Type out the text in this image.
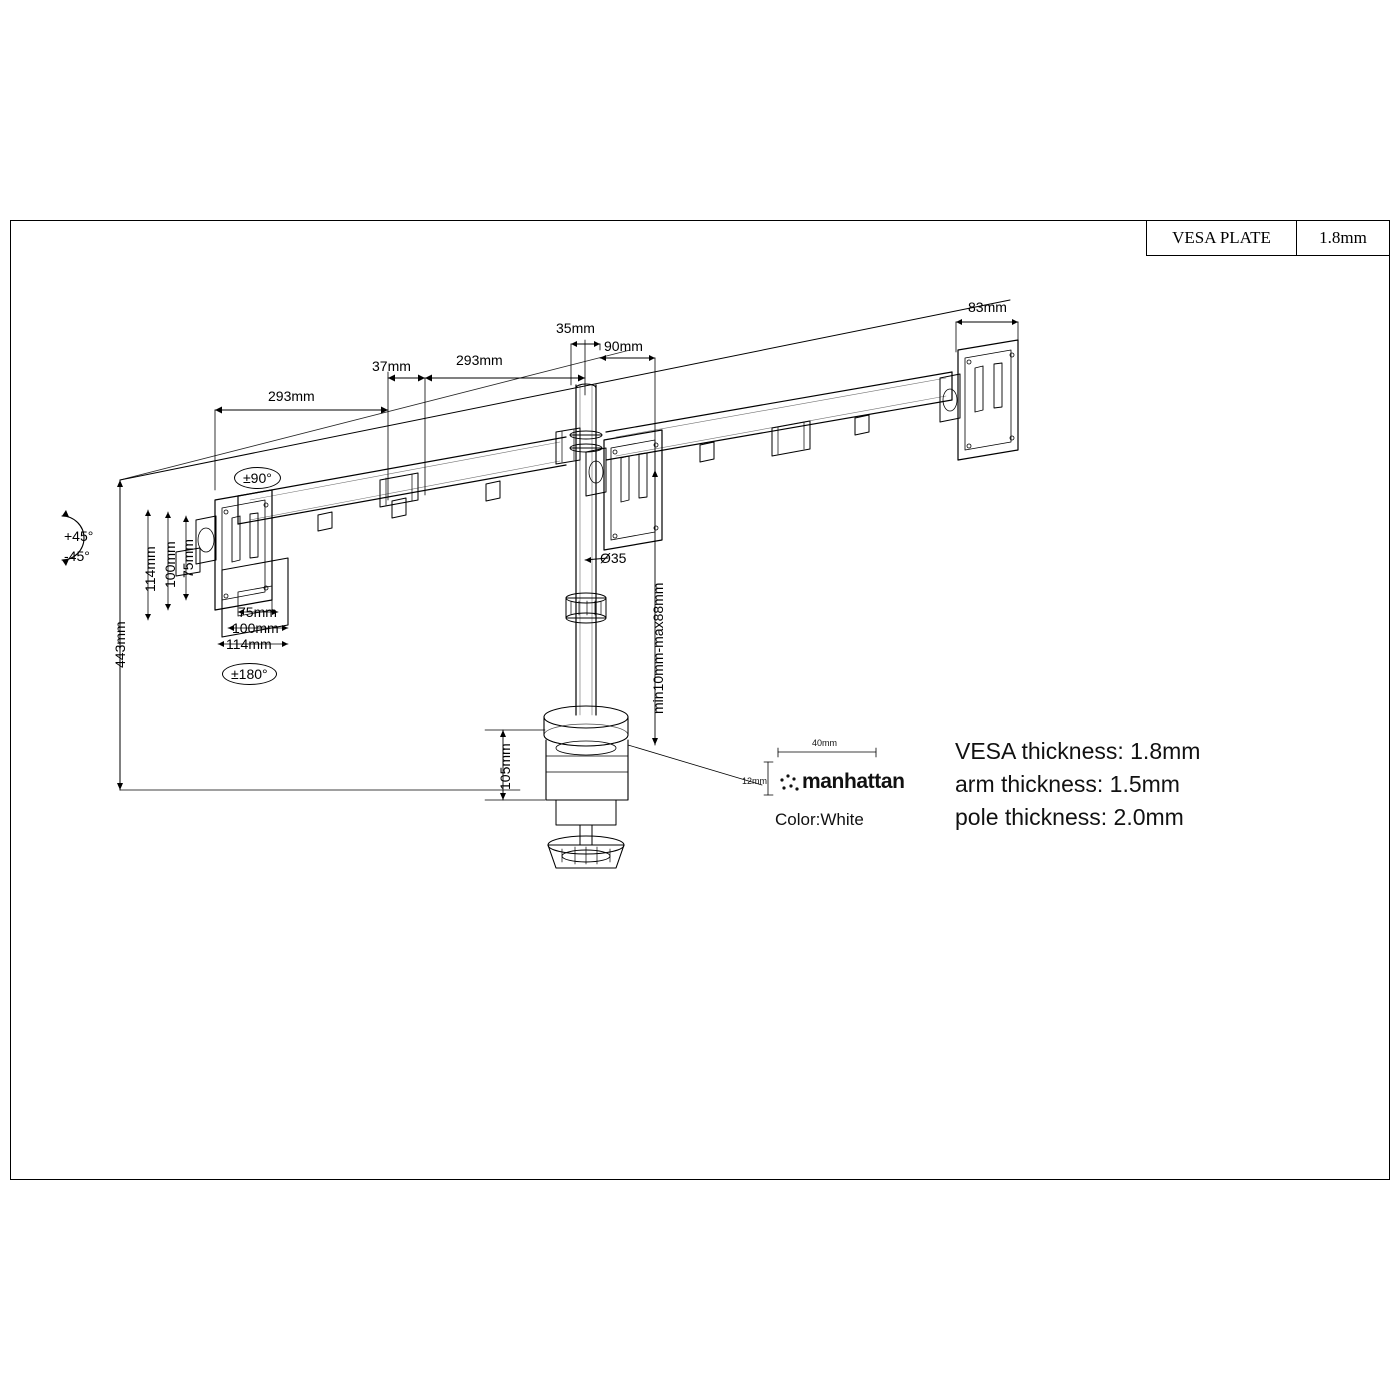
VESA PLATE	1.8mm
293mm
37mm	293mm
35mm
90mm
83mm
Ø35
443mm
105mm
min10mm-max88mm
114mm 100mm 75mm
75mm
100mm
114mm
+45°
-45°
±90°
±180°
manhattan
Color:White
40mm
12mm
VESA thickness: 1.8mm
arm thickness: 1.5mm
pole thickness: 2.0mm
